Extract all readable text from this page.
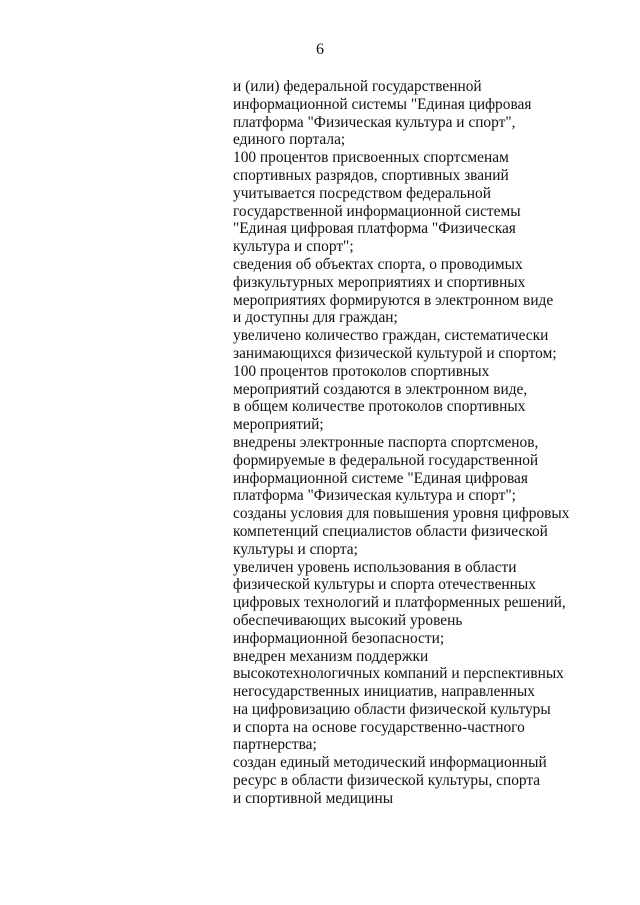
6
и (или) федеральной государственной
информационной системы "Единая цифровая
платформа "Физическая культура и спорт",
единого портала;
100 процентов присвоенных спортсменам
спортивных разрядов, спортивных званий
учитывается посредством федеральной
государственной информационной системы
"Единая цифровая платформа "Физическая
культура и спорт";
сведения об объектах спорта, о проводимых
физкультурных мероприятиях и спортивных
мероприятиях формируются в электронном виде
и доступны для граждан;
увеличено количество граждан, систематически
занимающихся физической культурой и спортом;
100 процентов протоколов спортивных
мероприятий создаются в электронном виде,
в общем количестве протоколов спортивных
мероприятий;
внедрены электронные паспорта спортсменов,
формируемые в федеральной государственной
информационной системе "Единая цифровая
платформа "Физическая культура и спорт";
созданы условия для повышения уровня цифровых
компетенций специалистов области физической
культуры и спорта;
увеличен уровень использования в области
физической культуры и спорта отечественных
цифровых технологий и платформенных решений,
обеспечивающих высокий уровень
информационной безопасности;
внедрен механизм поддержки
высокотехнологичных компаний и перспективных
негосударственных инициатив, направленных
на цифровизацию области физической культуры
и спорта на основе государственно-частного
партнерства;
создан единый методический информационный
ресурс в области физической культуры, спорта
и спортивной медицины
